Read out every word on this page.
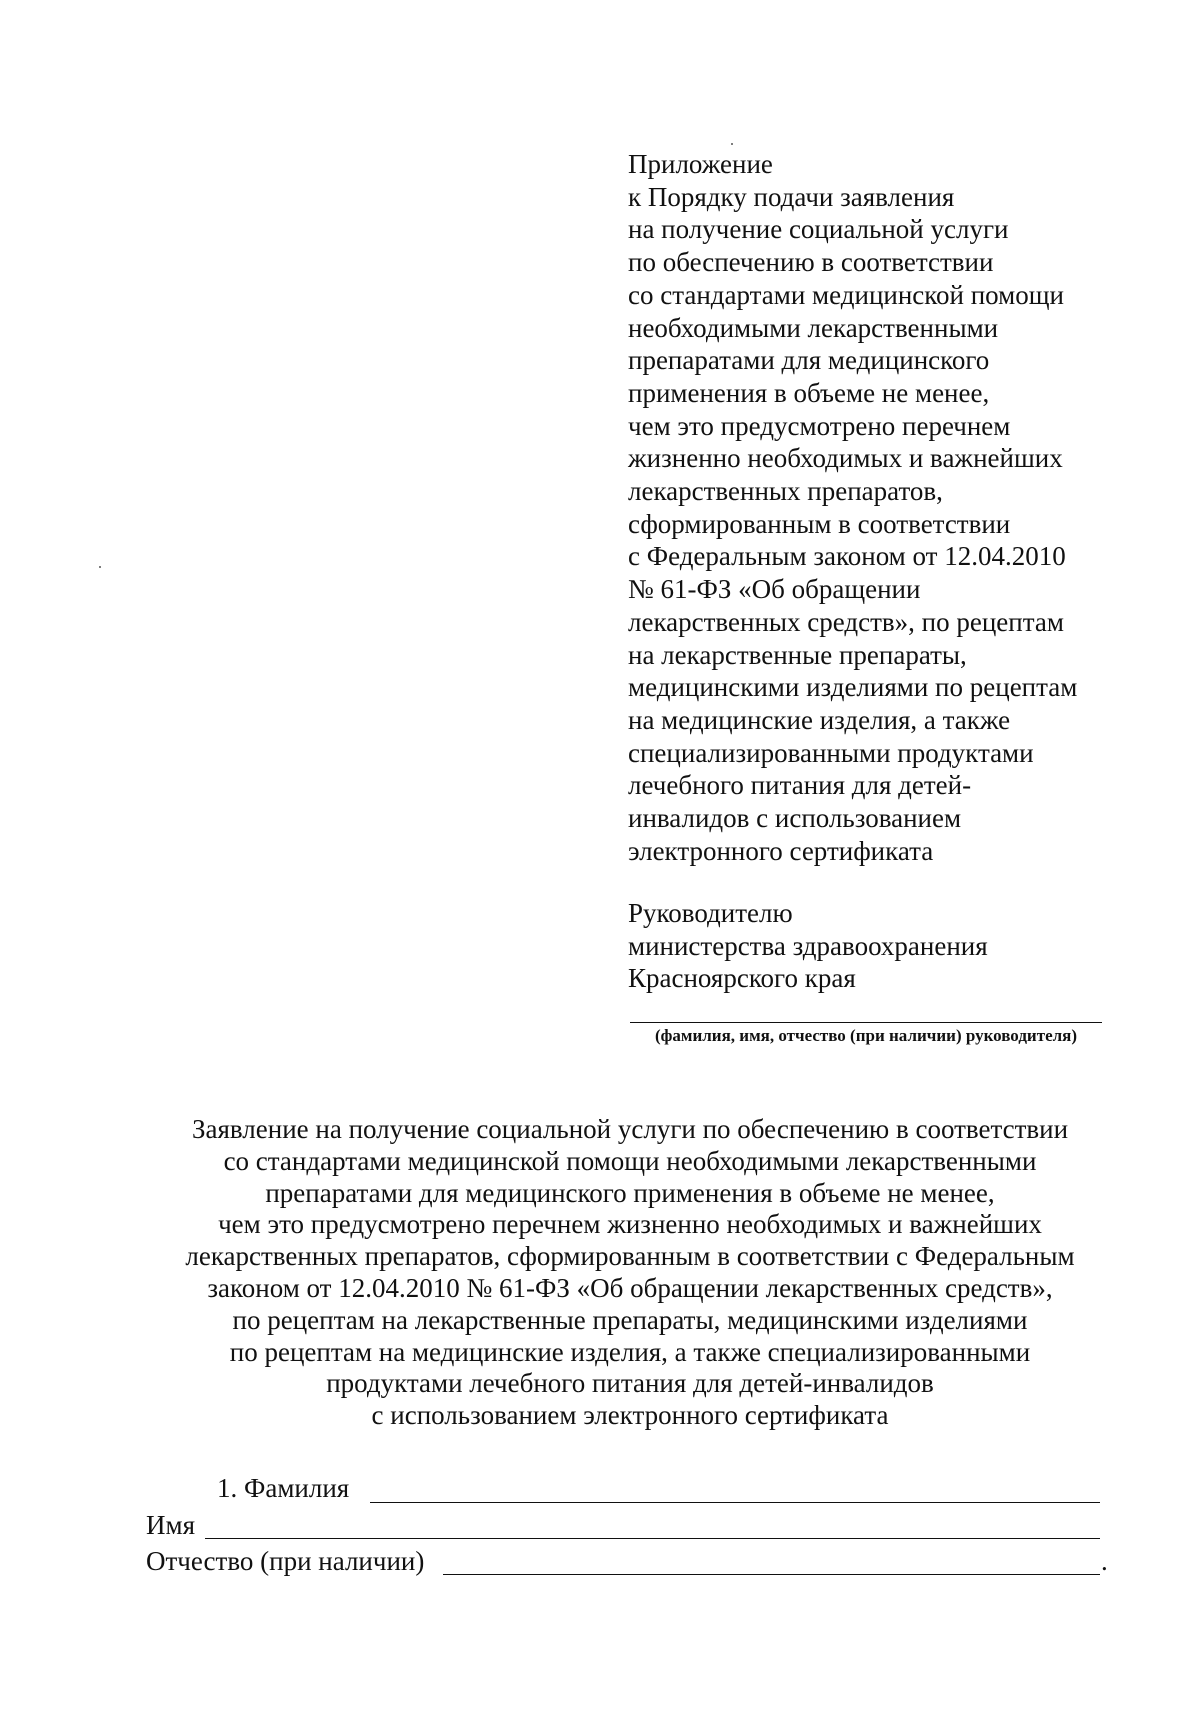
Приложение
к Порядку подачи заявления
на получение социальной услуги
по обеспечению в соответствии
со стандартами медицинской помощи
необходимыми лекарственными
препаратами для медицинского
применения в объеме не менее,
чем это предусмотрено перечнем
жизненно необходимых и важнейших
лекарственных препаратов,
сформированным в соответствии
с Федеральным законом от 12.04.2010
№ 61-ФЗ «Об обращении
лекарственных средств», по рецептам
на лекарственные препараты,
медицинскими изделиями по рецептам
на медицинские изделия, а также
специализированными продуктами
лечебного питания для детей-
инвалидов с использованием
электронного сертификата
Руководителю
министерства здравоохранения
Красноярского края
(фамилия, имя, отчество (при наличии) руководителя)
Заявление на получение социальной услуги по обеспечению в соответствии
со стандартами медицинской помощи необходимыми лекарственными
препаратами для медицинского применения в объеме не менее,
чем это предусмотрено перечнем жизненно необходимых и важнейших
лекарственных препаратов, сформированным в соответствии с Федеральным
законом от 12.04.2010 № 61-ФЗ «Об обращении лекарственных средств»,
по рецептам на лекарственные препараты, медицинскими изделиями
по рецептам на медицинские изделия, а также специализированными
продуктами лечебного питания для детей-инвалидов
с использованием электронного сертификата
1. Фамилия
Имя
Отчество (при наличии)	.
